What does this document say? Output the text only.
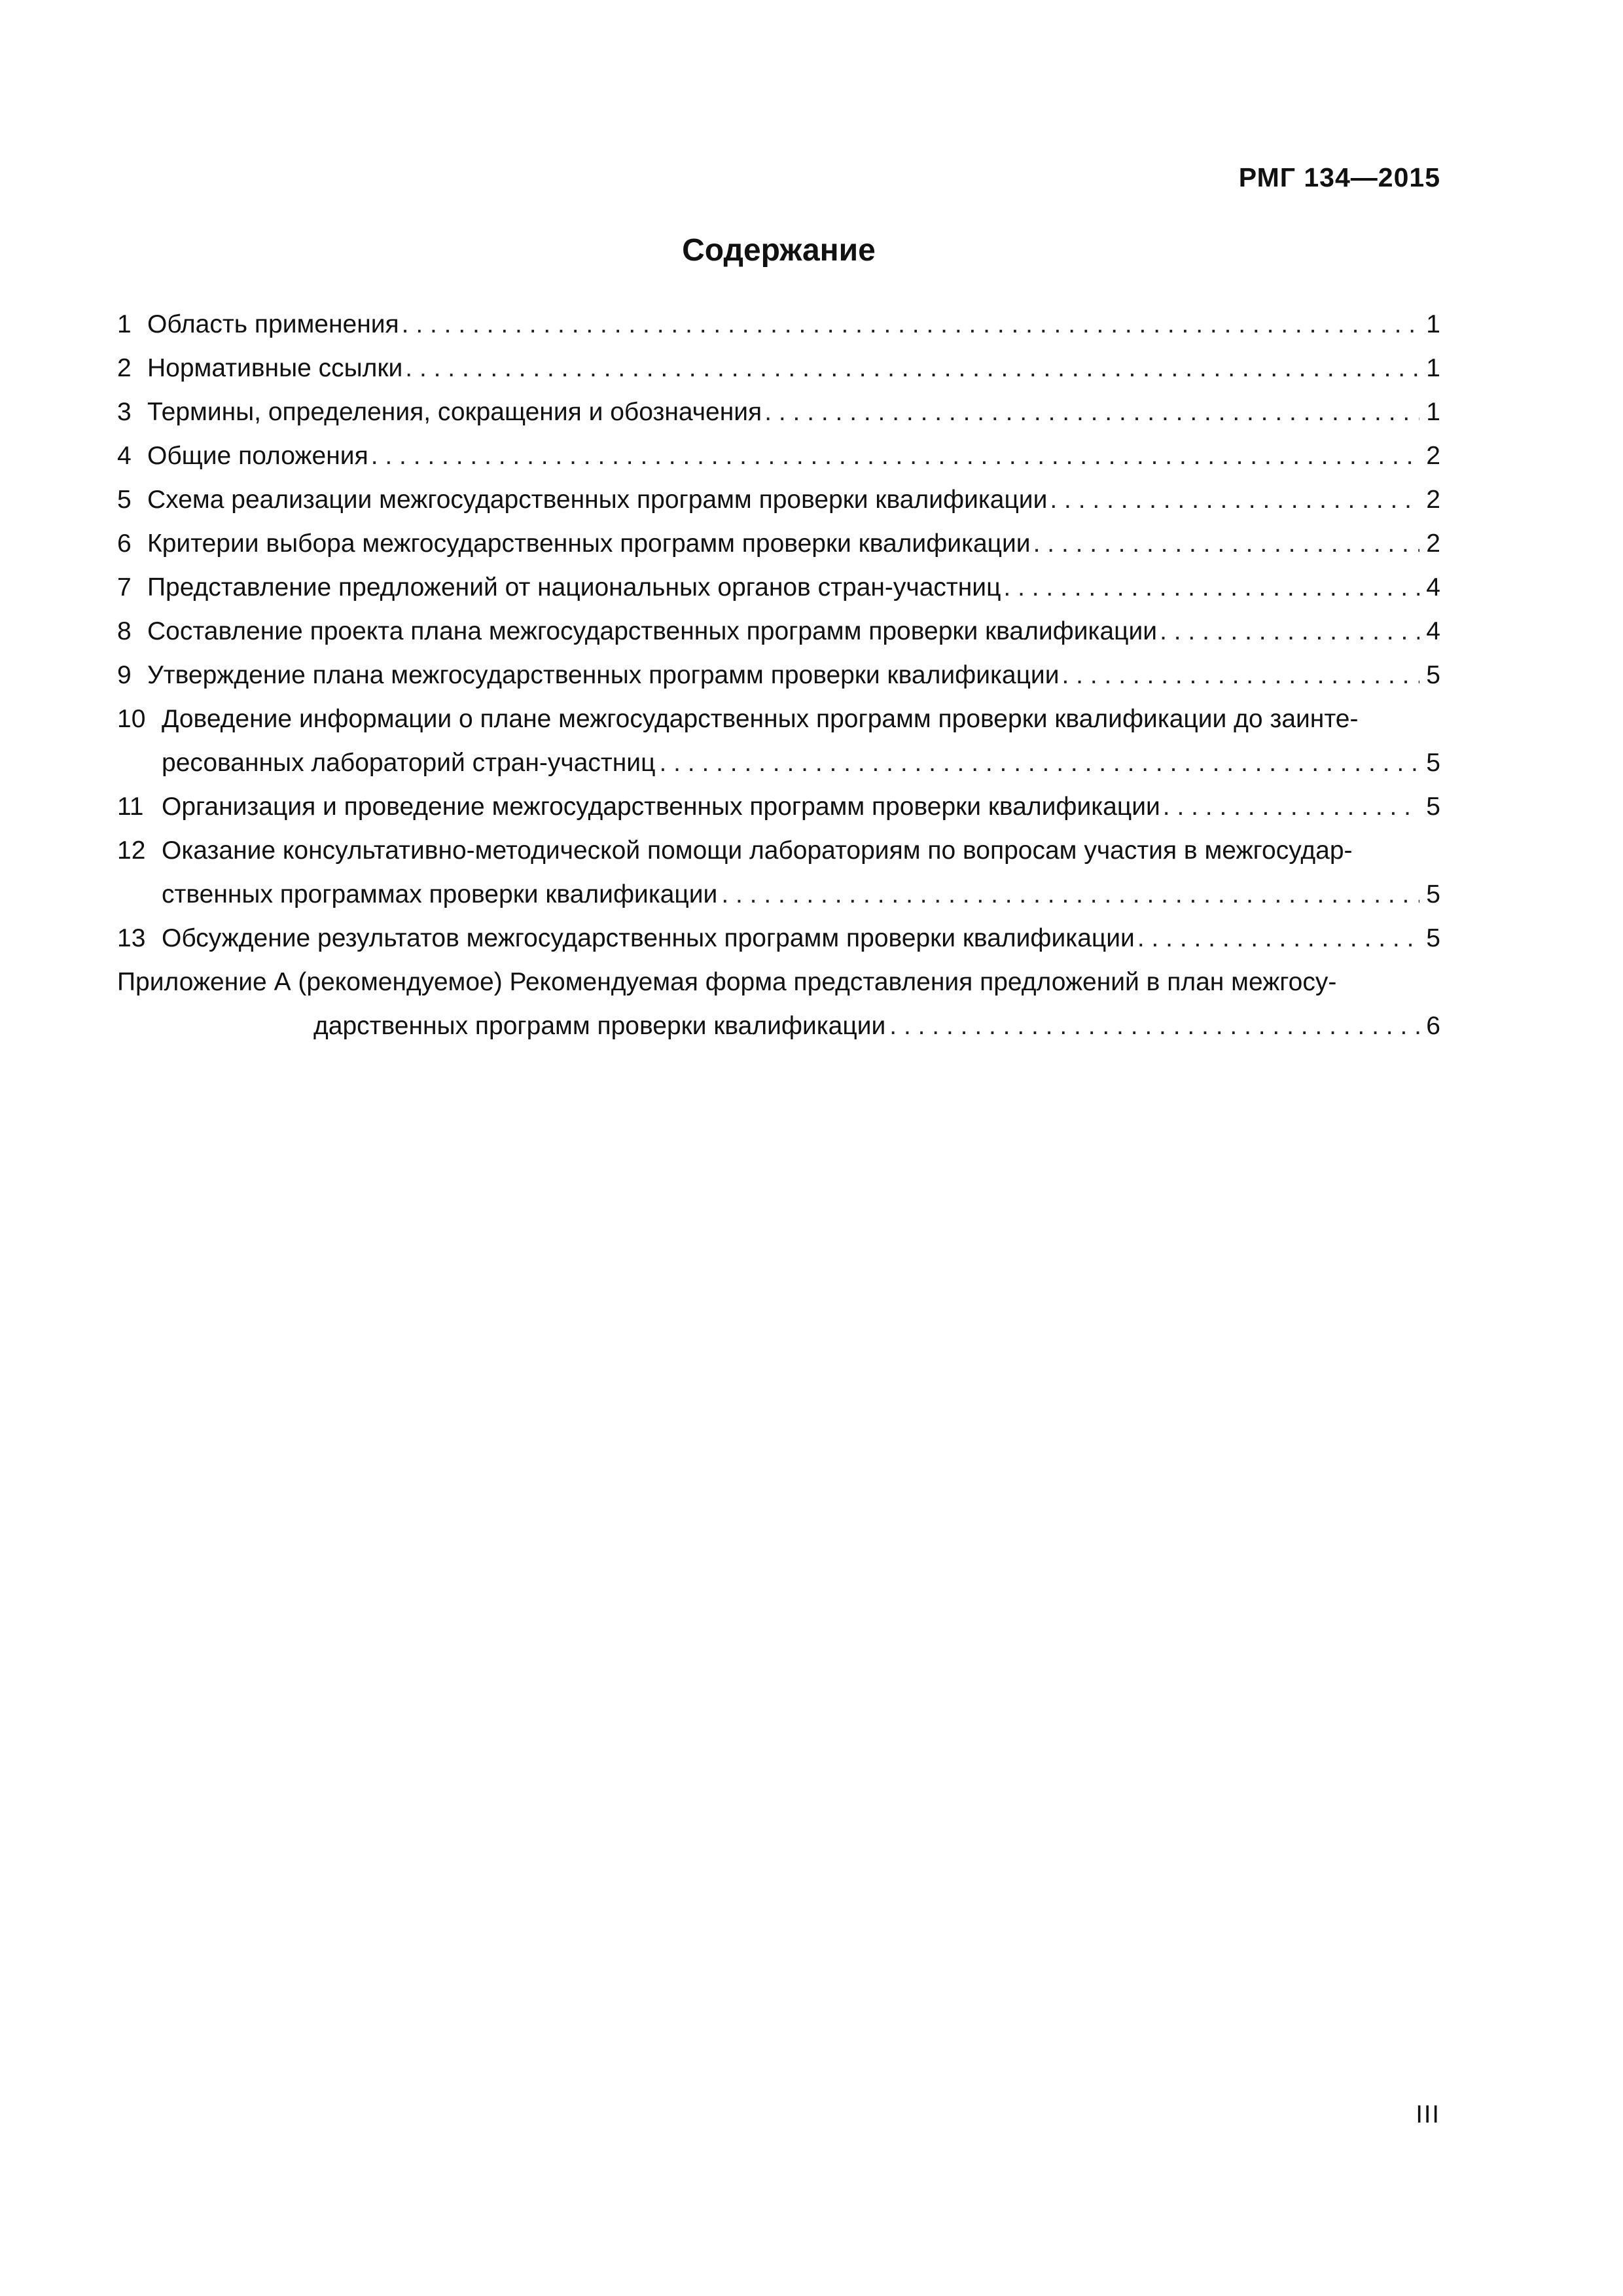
РМГ 134—2015
Содержание
1 Область применения . . .	1
2 Нормативные ссылки . . .	1
3 Термины, определения, сокращения и обозначения . . .	1
4 Общие положения . . .	2
5 Схема реализации межгосударственных программ проверки квалификации . . .	2
6 Критерии выбора межгосударственных программ проверки квалификации . . .	2
7 Представление предложений от национальных органов стран-участниц . . .	4
8 Составление проекта плана межгосударственных программ проверки квалификации . . .	4
9 Утверждение плана межгосударственных программ проверки квалификации . . .	5
10 Доведение информации о плане межгосударственных программ проверки квалификации до заинте-
ресованных лабораторий стран-участниц . . .	5
11 Организация и проведение межгосударственных программ проверки квалификации . . .	5
12 Оказание консультативно-методической помощи лабораториям по вопросам участия в межгосудар-
ственных программах проверки квалификации . . .	5
13 Обсуждение результатов межгосударственных программ проверки квалификации . . .	5
Приложение А (рекомендуемое) Рекомендуемая форма представления предложений в план межгосу-
дарственных программ проверки квалификации . . .	6
III
